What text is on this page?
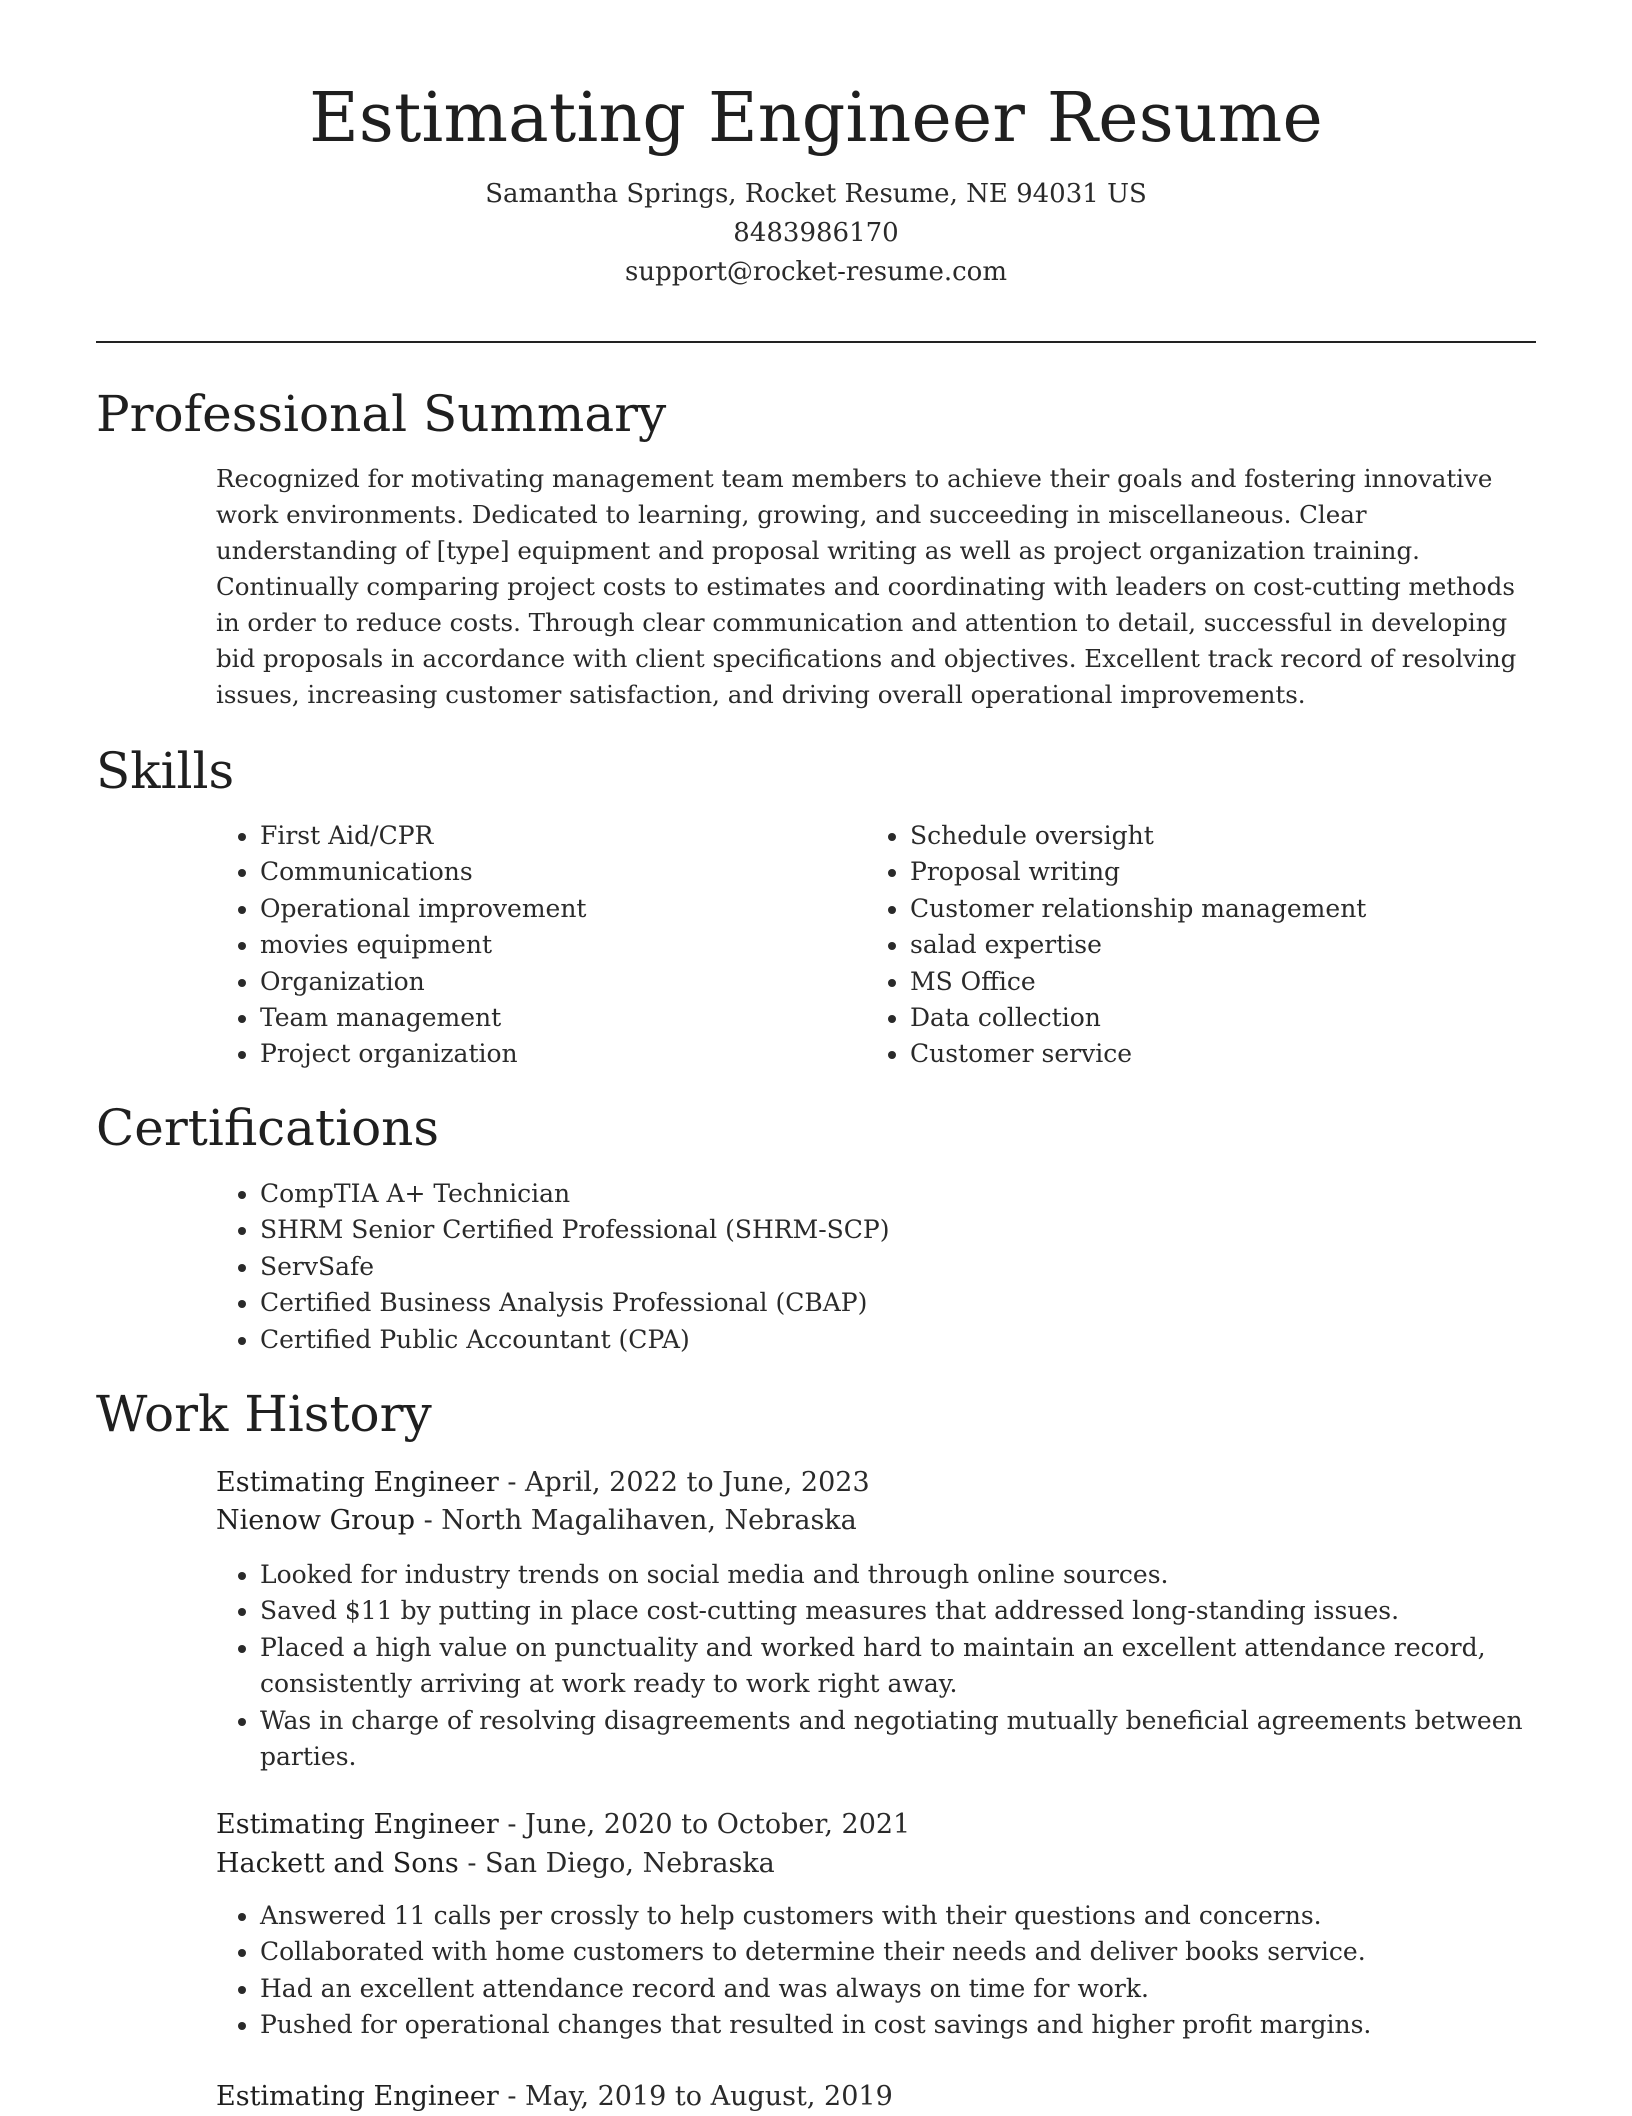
Estimating Engineer Resume
Samantha Springs, Rocket Resume, NE 94031 US
8483986170
support@rocket-resume.com
Professional Summary

Recognized for motivating management team members to achieve their goals and fostering innovative work environments. Dedicated to learning, growing, and succeeding in miscellaneous. Clear understanding of [type] equipment and proposal writing as well as project organization training. Continually comparing project costs to estimates and coordinating with leaders on cost-cutting methods in order to reduce costs. Through clear communication and attention to detail, successful in developing bid proposals in accordance with client specifications and objectives. Excellent track record of resolving issues, increasing customer satisfaction, and driving overall operational improvements.

Skills
• First Aid/CPR
• Communications
• Operational improvement
• movies equipment
• Organization
• Team management
• Project organization
• Schedule oversight
• Proposal writing
• Customer relationship management
• salad expertise
• MS Office
• Data collection
• Customer service
Certifications
• CompTIA A+ Technician
• SHRM Senior Certified Professional (SHRM-SCP)
• ServSafe
• Certified Business Analysis Professional (CBAP)
• Certified Public Accountant (CPA)
Work History
Estimating Engineer - April, 2022 to June, 2023
Nienow Group - North Magalihaven, Nebraska
• Looked for industry trends on social media and through online sources.
• Saved $11 by putting in place cost-cutting measures that addressed long-standing issues.
• Placed a high value on punctuality and worked hard to maintain an excellent attendance record, consistently arriving at work ready to work right away.
• Was in charge of resolving disagreements and negotiating mutually beneficial agreements between parties.
Estimating Engineer - June, 2020 to October, 2021
Hackett and Sons - San Diego, Nebraska
• Answered 11 calls per crossly to help customers with their questions and concerns.
• Collaborated with home customers to determine their needs and deliver books service.
• Had an excellent attendance record and was always on time for work.
• Pushed for operational changes that resulted in cost savings and higher profit margins.
Estimating Engineer - May, 2019 to August, 2019
